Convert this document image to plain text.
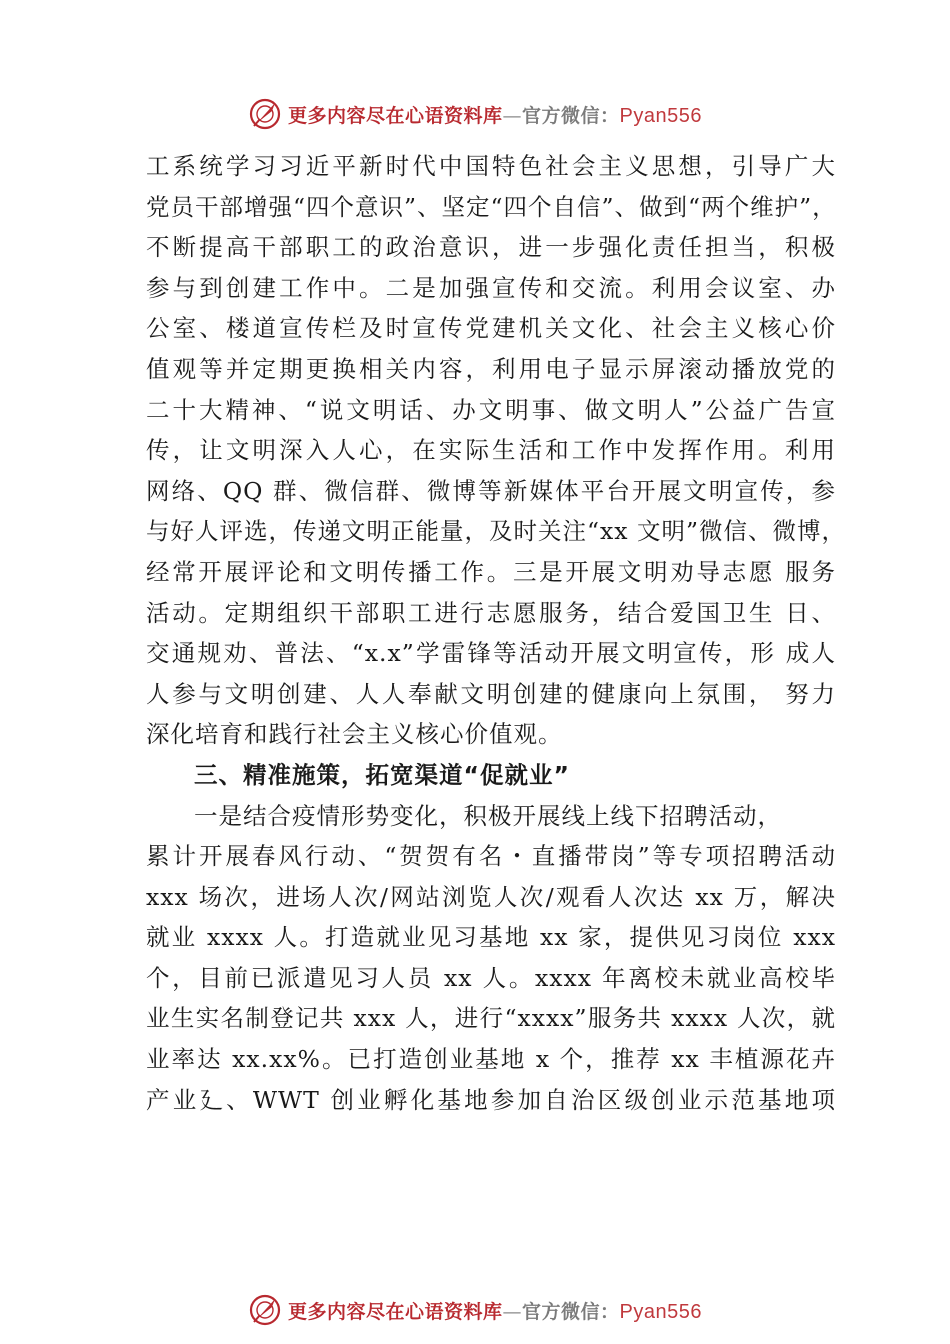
更多内容尽在心语资料库—官方微信：Pyan556
工系统学习习近平新时代中国特色社会主义思想，引导广大
党员干部增强“四个意识”、坚定“四个自信”、做到“两个维护”，
不断提高干部职工的政治意识，进一步强化责任担当，积极
参与到创建工作中。二是加强宣传和交流。利用会议室、办
公室、楼道宣传栏及时宣传党建机关文化、社会主义核心价
值观等并定期更换相关内容，利用电子显示屏滚动播放党的
二十大精神、“说文明话、办文明事、做文明人”公益广告宣
传，让文明深入人心，在实际生活和工作中发挥作用。利用
网络、QQ 群、微信群、微博等新媒体平台开展文明宣传，参
与好人评选，传递文明正能量，及时关注“xx 文明”微信、微博，
经常开展评论和文明传播工作。三是开展文明劝导志愿 服务
活动。定期组织干部职工进行志愿服务，结合爱国卫生 日、
交通规劝、普法、“x.x”学雷锋等活动开展文明宣传，形 成人
人参与文明创建、人人奉献文明创建的健康向上氛围， 努力
深化培育和践行社会主义核心价值观。
三、精准施策，拓宽渠道“促就业”
一是结合疫情形势变化，积极开展线上线下招聘活动，
累计开展春风行动、“贺贺有名・直播带岗”等专项招聘活动
xxx 场次，进场人次/网站浏览人次/观看人次达 xx 万，解决
就业 xxxx 人。打造就业见习基地 xx 家，提供见习岗位 xxx
个，目前已派遣见习人员 xx 人。xxxx 年离校未就业高校毕
业生实名制登记共 xxx 人，进行“xxxx”服务共 xxxx 人次，就
业率达 xx.xx%。已打造创业基地 x 个，推荐 xx 丰植源花卉
产业廴、WWT 创业孵化基地参加自治区级创业示范基地项
更多内容尽在心语资料库—官方微信：Pyan556
